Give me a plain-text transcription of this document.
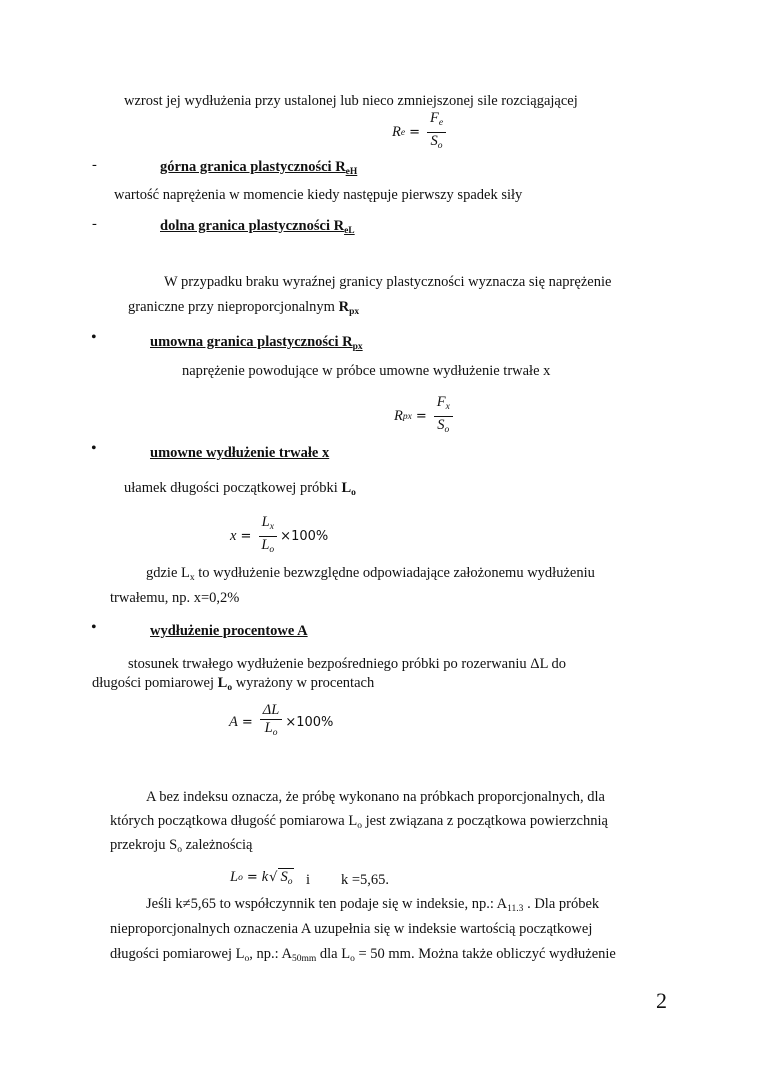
wzrost jej wydłużenia przy ustalonej lub nieco zmniejszonej sile rozciągającej
R $e = \frac{F_e}{S_o}$
-	górna granica plastyczności $R_{eH}$
wartość naprężenia w momencie kiedy następuje pierwszy spadek siły
-	dolna granica plastyczności $R_{eL}$
W przypadku braku wyraźnej granicy plastyczności wyznacza się naprężenie
graniczne przy nieproporcjonalnym $R_{px}$
•	umowna granica plastyczności $R_{px}$
naprężenie powodujące w próbce umowne wydłużenie trwałe x
R px = $\frac{F_x}{S_o}$
•	umowne wydłużenie trwałe x
ułamek długości początkowej próbki $L_o$
$x = \frac{L_x}{L_o} \times 100\%$
gdzie $L_x$ to wydłużenie bezwzględne odpowiadające założonemu wydłużeniu
trwałemu, np. x=0,2%
•	wydłużenie procentowe A
stosunek trwałego wydłużenie bezpośredniego próbki po rozerwaniu ΔL do
długości pomiarowej $L_o$ wyrażony w procentach
$A = \frac{\Delta L}{L_o} \times 100\%$
A bez indeksu oznacza, że próbę wykonano na próbkach proporcjonalnych, dla
których początkowa długość pomiarowa $L_o$ jest związana z początkowa powierzchnią
przekroju $S_o$ zależnością
L o = k √ $S_o$ i k =5,65.
Jeśli k≠5,65 to współczynnik ten podaje się w indeksie, np.: $A_{11.3}$ . Dla próbek
nieproporcjonalnych oznaczenia A uzupełnia się w indeksie wartością początkowej
długości pomiarowej $L_o$, np.: $A_{50mm}$ dla $L_o = 50$ mm. Można także obliczyć wydłużenie
2
